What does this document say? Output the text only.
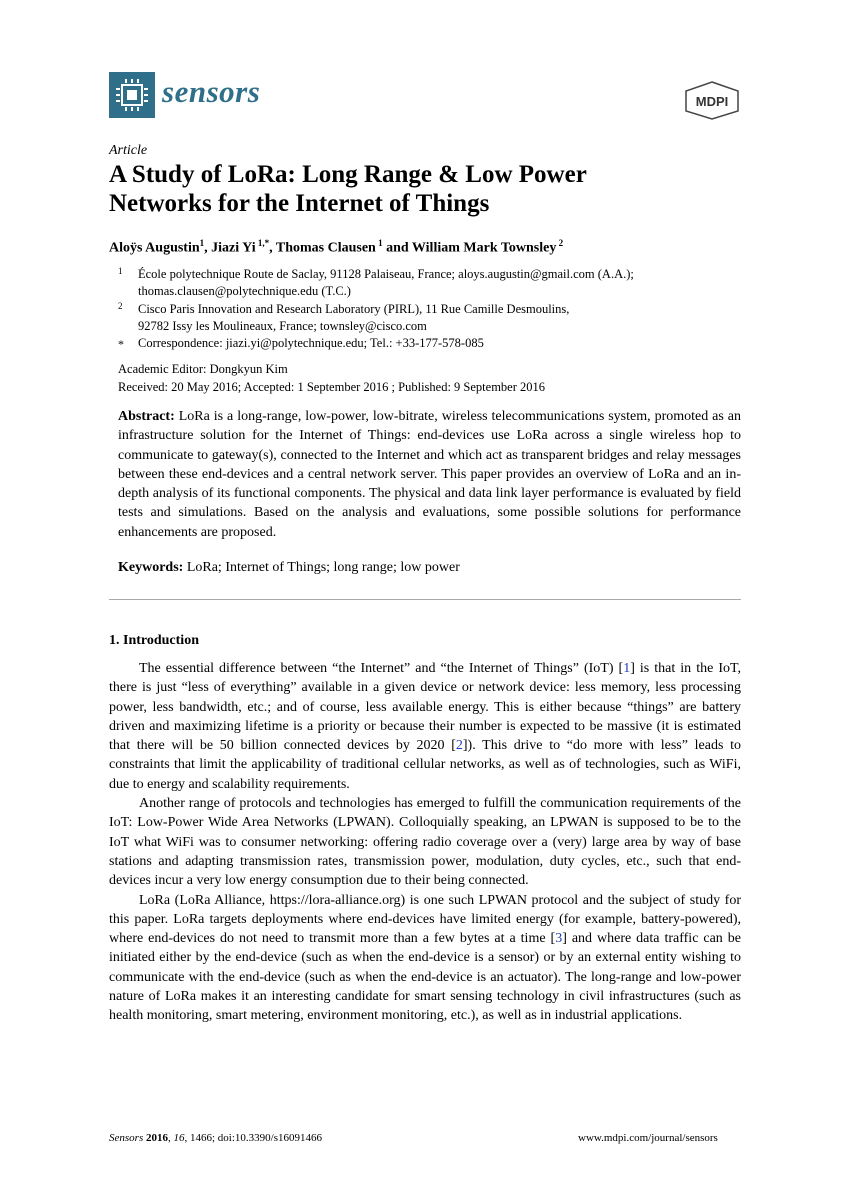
sensors	MDPI
Article
A Study of LoRa: Long Range & Low Power
Networks for the Internet of Things
Aloÿs Augustin$^1$, Jiazi Yi $^{1,*}$, Thomas Clausen $^1$ and William Mark Townsley $^2$
1 École polytechnique Route de Saclay, 91128 Palaiseau, France; aloys.augustin@gmail.com (A.A.);
thomas.clausen@polytechnique.edu (T.C.)
2 Cisco Paris Innovation and Research Laboratory (PIRL), 11 Rue Camille Desmoulins,
92782 Issy les Moulineaux, France; townsley@cisco.com
* Correspondence: jiazi.yi@polytechnique.edu; Tel.: +33-177-578-085
Academic Editor: Dongkyun Kim
Received: 20 May 2016; Accepted: 1 September 2016 ; Published: 9 September 2016
Abstract: LoRa is a long-range, low-power, low-bitrate, wireless telecommunications system, promoted as an infrastructure solution for the Internet of Things: end-devices use LoRa across a single wireless hop to communicate to gateway(s), connected to the Internet and which act as transparent bridges and relay messages between these end-devices and a central network server. This paper provides an overview of LoRa and an in-depth analysis of its functional components. The physical and data link layer performance is evaluated by field tests and simulations. Based on the analysis and evaluations, some possible solutions for performance enhancements are proposed.
Keywords: LoRa; Internet of Things; long range; low power
1. Introduction

The essential difference between “the Internet” and “the Internet of Things” (IoT) [1] is that in the IoT, there is just “less of everything” available in a given device or network device: less memory, less processing power, less bandwidth, etc.; and of course, less available energy. This is either because “things” are battery driven and maximizing lifetime is a priority or because their number is expected to be massive (it is estimated that there will be 50 billion connected devices by 2020 [2]). This drive to “do more with less” leads to constraints that limit the applicability of traditional cellular networks, as well as of technologies, such as WiFi, due to energy and scalability requirements.

Another range of protocols and technologies has emerged to fulfill the communication requirements of the IoT: Low-Power Wide Area Networks (LPWAN). Colloquially speaking, an LPWAN is supposed to be to the IoT what WiFi was to consumer networking: offering radio coverage over a (very) large area by way of base stations and adapting transmission rates, transmission power, modulation, duty cycles, etc., such that end-devices incur a very low energy consumption due to their being connected.

LoRa (LoRa Alliance, https://lora-alliance.org) is one such LPWAN protocol and the subject of study for this paper. LoRa targets deployments where end-devices have limited energy (for example, battery-powered), where end-devices do not need to transmit more than a few bytes at a time [3] and where data traffic can be initiated either by the end-device (such as when the end-device is a sensor) or by an external entity wishing to communicate with the end-device (such as when the end-device is an actuator). The long-range and low-power nature of LoRa makes it an interesting candidate for smart sensing technology in civil infrastructures (such as health monitoring, smart metering, environment monitoring, etc.), as well as in industrial applications.

Sensors 2016, 16, 1466; doi:10.3390/s16091466	www.mdpi.com/journal/sensors
